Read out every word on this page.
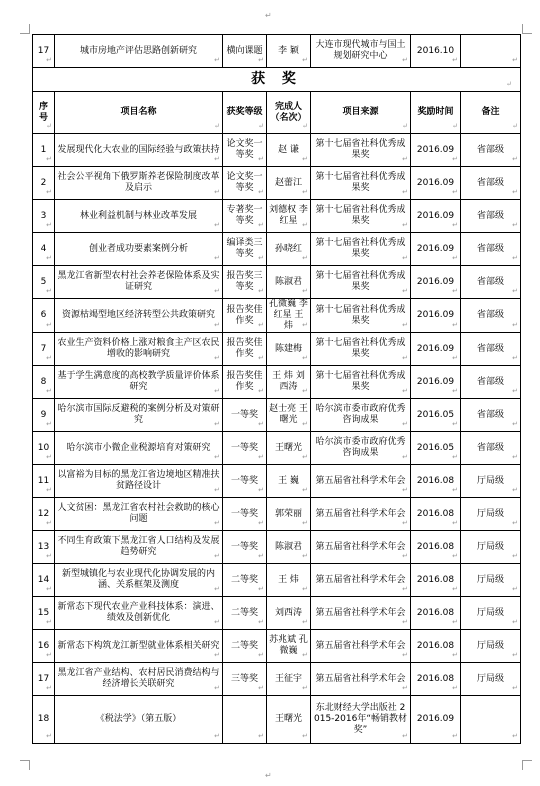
↵
↵
17 ↵	城市房地产评估思路创新研究 ↵	横向课题 ↵	李 颖 ↵	大连市现代城市与国土规划研究中心 ↵	2016.10 ↵	↵
获 奖 ↵
序号 ↵	项目名称 ↵	获奖等级 ↵	完成人（名次） ↵	项目来源 ↵	奖励时间 ↵	备注 ↵
1 ↵	发展现代化大农业的国际经验与政策扶持 ↵	论文奖一等奖 ↵	赵 谦 ↵	第十七届省社科优秀成果奖 ↵	2016.09 ↵	省部级 ↵
2 ↵	社会公平视角下俄罗斯养老保险制度改革及启示 ↵	论文奖一等奖 ↵	赵蕾江 ↵	第十七届省社科优秀成果奖 ↵	2016.09 ↵	省部级 ↵
3 ↵	林业利益机制与林业改革发展 ↵	专著奖一等奖 ↵	刘德权 李红星 ↵	第十七届省社科优秀成果奖 ↵	2016.09 ↵	省部级 ↵
4 ↵	创业者成功要素案例分析 ↵	编译类三等奖 ↵	孙晓红 ↵	第十七届省社科优秀成果奖 ↵	2016.09 ↵	省部级 ↵
5 ↵	黑龙江省新型农村社会养老保险体系及实证研究 ↵	报告奖三等奖 ↵	陈淑君 ↵	第十七届省社科优秀成果奖 ↵	2016.09 ↵	省部级 ↵
6 ↵	资源枯竭型地区经济转型公共政策研究 ↵	报告奖佳作奖 ↵	孔微巍 李红星 王 炜 ↵	第十七届省社科优秀成果奖 ↵	2016.09 ↵	省部级 ↵
7 ↵	农业生产资料价格上涨对粮食主产区农民增收的影响研究 ↵	报告奖佳作奖 ↵	陈建梅 ↵	第十七届省社科优秀成果奖 ↵	2016.09 ↵	省部级 ↵
8 ↵	基于学生满意度的高校教学质量评价体系研究 ↵	报告奖佳作奖 ↵	王 炜 刘西涛 ↵	第十七届省社科优秀成果奖 ↵	2016.09 ↵	省部级 ↵
9 ↵	哈尔滨市国际反避税的案例分析及对策研究 ↵	一等奖 ↵	赵士亮 王曙光 ↵	哈尔滨市委市政府优秀咨询成果 ↵	2016.05 ↵	省部级 ↵
10 ↵	哈尔滨市小微企业税源培育对策研究 ↵	一等奖 ↵	王曙光 ↵	哈尔滨市委市政府优秀咨询成果 ↵	2016.05 ↵	省部级 ↵
11 ↵	以富裕为目标的黑龙江省边境地区精准扶贫路径设计 ↵	一等奖 ↵	王 巍 ↵	第五届省社科学术年会 ↵	2016.08 ↵	厅局级 ↵
12 ↵	人文贫困：黑龙江省农村社会救助的核心问题 ↵	一等奖 ↵	郭荣丽 ↵	第五届省社科学术年会 ↵	2016.08 ↵	厅局级 ↵
13 ↵	不同生育政策下黑龙江省人口结构及发展趋势研究 ↵	一等奖 ↵	陈淑君 ↵	第五届省社科学术年会 ↵	2016.08 ↵	厅局级 ↵
14 ↵	新型城镇化与农业现代化协调发展的内涵、关系框架及测度 ↵	二等奖 ↵	王 炜 ↵	第五届省社科学术年会 ↵	2016.08 ↵	厅局级 ↵
15 ↵	新常态下现代农业产业科技体系：演进、绩效及创新优化 ↵	二等奖 ↵	刘西涛 ↵	第五届省社科学术年会 ↵	2016.08 ↵	厅局级 ↵
16 ↵	新常态下构筑龙江新型就业体系相关研究 ↵	二等奖 ↵	苏兆斌 孔微巍 ↵	第五届省社科学术年会 ↵	2016.08 ↵	厅局级 ↵
17 ↵	黑龙江省产业结构、农村居民消费结构与经济增长关联研究 ↵	三等奖 ↵	王征宇 ↵	第五届省社科学术年会 ↵	2016.08 ↵	厅局级 ↵
18 ↵	《税法学》（第五版） ↵	↵	王曙光 ↵	东北财经大学出版社 2015-2016年“畅销教材奖” ↵	2016.09 ↵	↵
